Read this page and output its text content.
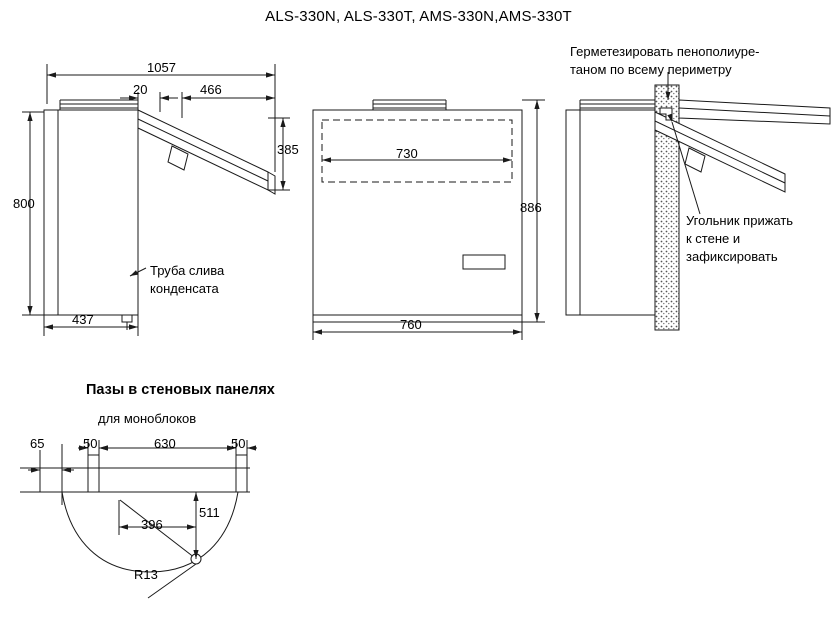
ALS-330N, ALS-330T, AMS-330N,AMS-330T
1057
20	466
385
800
437
Труба слива
конденсата
730
886
760
Герметезировать пенополиуре-
таном по всему периметру
Угольник прижать
к стене и
зафиксировать
Пазы в стеновых панелях
для моноблоков
65	50	630	50
396
511
R13
